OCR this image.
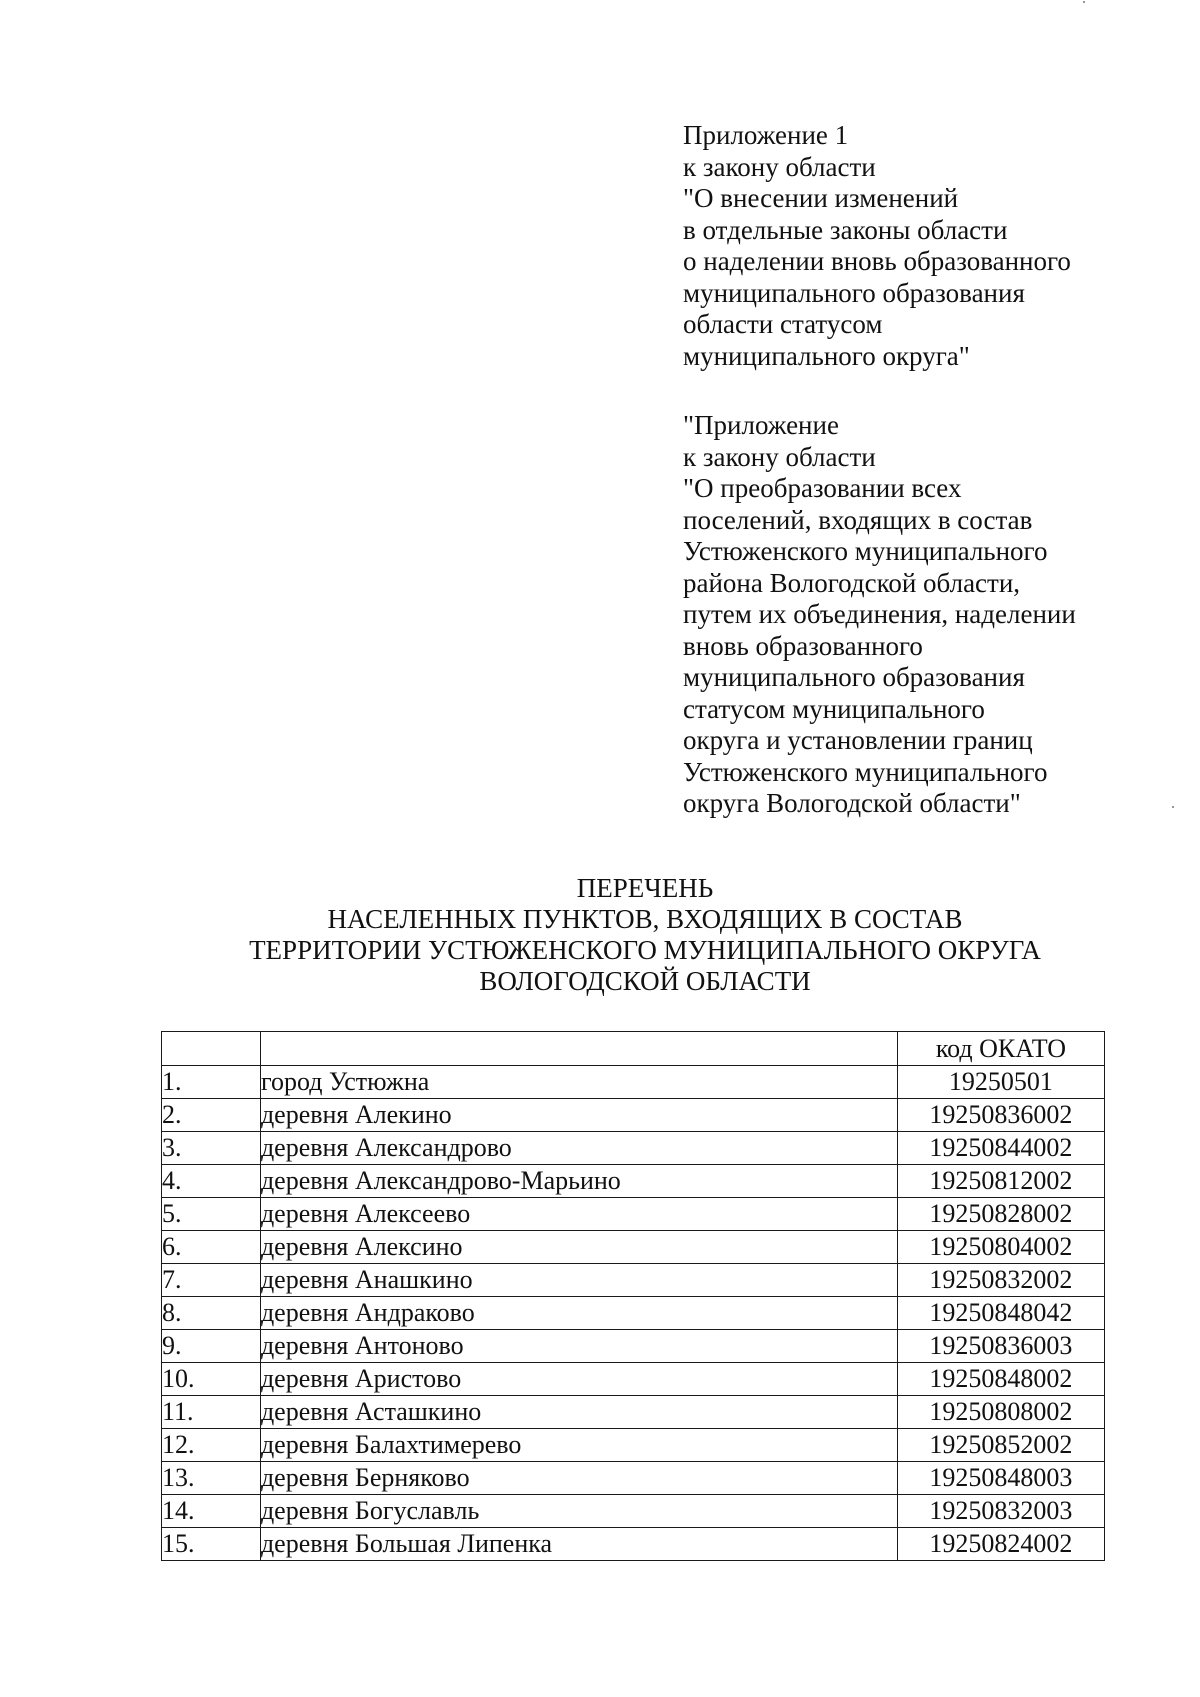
Приложение 1
к закону области
"О внесении изменений
в отдельные законы области
о наделении вновь образованного
муниципального образования
области статусом
муниципального округа"
"Приложение
к закону области
"О преобразовании всех
поселений, входящих в состав
Устюженского муниципального
района Вологодской области,
путем их объединения, наделении
вновь образованного
муниципального образования
статусом муниципального
округа и установлении границ
Устюженского муниципального
округа Вологодской области"
ПЕРЕЧЕНЬ
НАСЕЛЕННЫХ ПУНКТОВ, ВХОДЯЩИХ В СОСТАВ
ТЕРРИТОРИИ УСТЮЖЕНСКОГО МУНИЦИПАЛЬНОГО ОКРУГА
ВОЛОГОДСКОЙ ОБЛАСТИ
		код ОКАТО
1.	город Устюжна	19250501
2.	деревня Алекино	19250836002
3.	деревня Александрово	19250844002
4.	деревня Александрово-Марьино	19250812002
5.	деревня Алексеево	19250828002
6.	деревня Алексино	19250804002
7.	деревня Анашкино	19250832002
8.	деревня Андраково	19250848042
9.	деревня Антоново	19250836003
10.	деревня Аристово	19250848002
11.	деревня Асташкино	19250808002
12.	деревня Балахтимерево	19250852002
13.	деревня Берняково	19250848003
14.	деревня Богуславль	19250832003
15.	деревня Большая Липенка	19250824002
